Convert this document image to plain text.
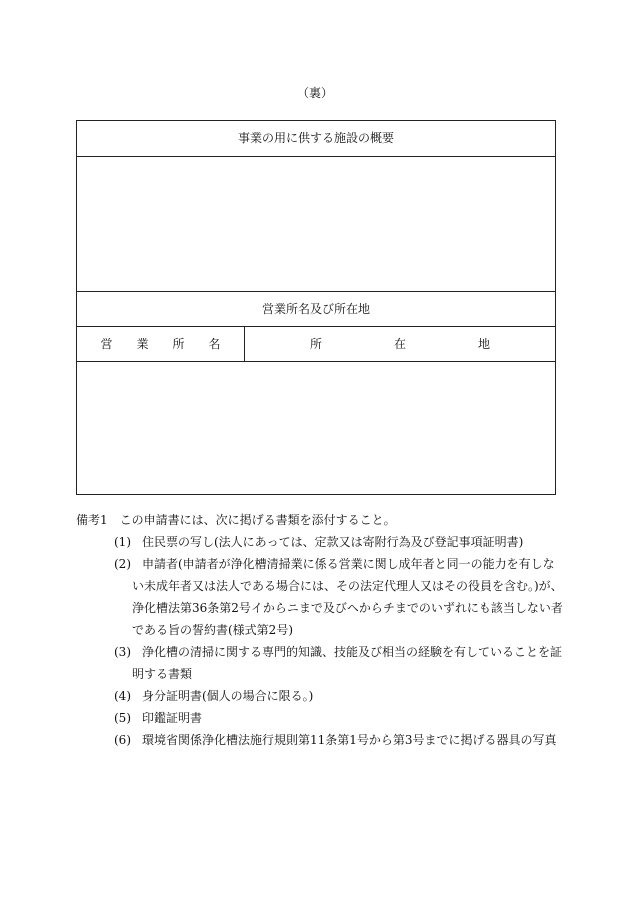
（裏）
事業の用に供する施設の概要
営業所名及び所在地
営　　業　　所　　名	所　　　　　　在　　　　　　地
備考1　この申請書には、次に掲げる書類を添付すること。
(1) 住民票の写し(法人にあっては、定款又は寄附行為及び登記事項証明書)
(2) 申請者(申請者が浄化槽清掃業に係る営業に関し成年者と同一の能力を有しな
い未成年者又は法人である場合には、その法定代理人又はその役員を含む。)が、
浄化槽法第36条第2号イからニまで及びヘからチまでのいずれにも該当しない者
である旨の誓約書(様式第2号)
(3) 浄化槽の清掃に関する専門的知識、技能及び相当の経験を有していることを証
明する書類
(4) 身分証明書(個人の場合に限る。)
(5) 印鑑証明書
(6) 環境省関係浄化槽法施行規則第11条第1号から第3号までに掲げる器具の写真
